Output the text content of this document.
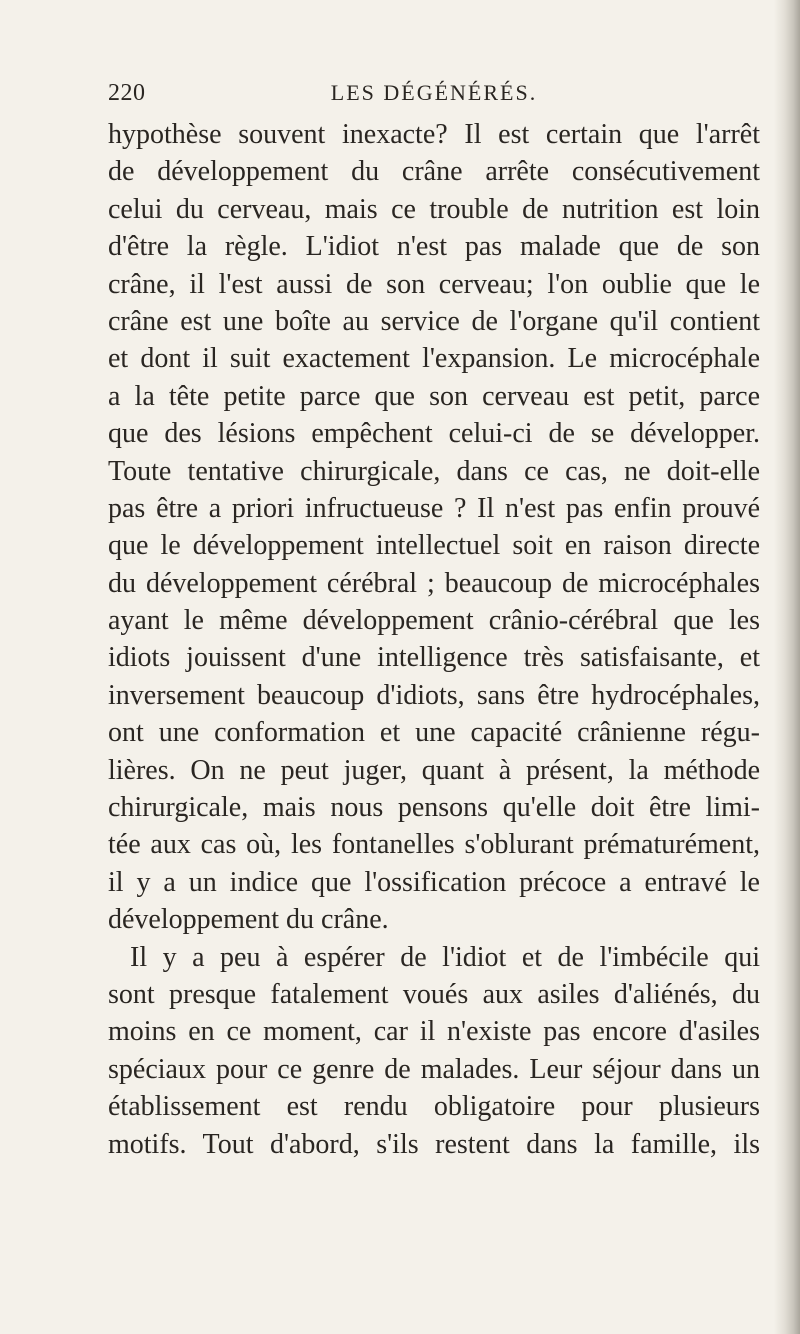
220	LES DÉGÉNÉRÉS.
hypothèse souvent inexacte? Il est certain que l'arrêt
de développement du crâne arrête consécutivement
celui du cerveau, mais ce trouble de nutrition est loin
d'être la règle. L'idiot n'est pas malade que de son
crâne, il l'est aussi de son cerveau; l'on oublie que le
crâne est une boîte au service de l'organe qu'il contient
et dont il suit exactement l'expansion. Le microcéphale
a la tête petite parce que son cerveau est petit, parce
que des lésions empêchent celui-ci de se développer.
Toute tentative chirurgicale, dans ce cas, ne doit-elle
pas être a priori infructueuse ? Il n'est pas enfin prouvé
que le développement intellectuel soit en raison directe
du développement cérébral ; beaucoup de microcéphales
ayant le même développement crânio-cérébral que les
idiots jouissent d'une intelligence très satisfaisante, et
inversement beaucoup d'idiots, sans être hydrocéphales,
ont une conformation et une capacité crânienne régu-
lières. On ne peut juger, quant à présent, la méthode
chirurgicale, mais nous pensons qu'elle doit être limi-
tée aux cas où, les fontanelles s'oblurant prématurément,
il y a un indice que l'ossification précoce a entravé le
développement du crâne.
Il y a peu à espérer de l'idiot et de l'imbécile qui
sont presque fatalement voués aux asiles d'aliénés, du
moins en ce moment, car il n'existe pas encore d'asiles
spéciaux pour ce genre de malades. Leur séjour dans un
établissement est rendu obligatoire pour plusieurs
motifs. Tout d'abord, s'ils restent dans la famille, ils
